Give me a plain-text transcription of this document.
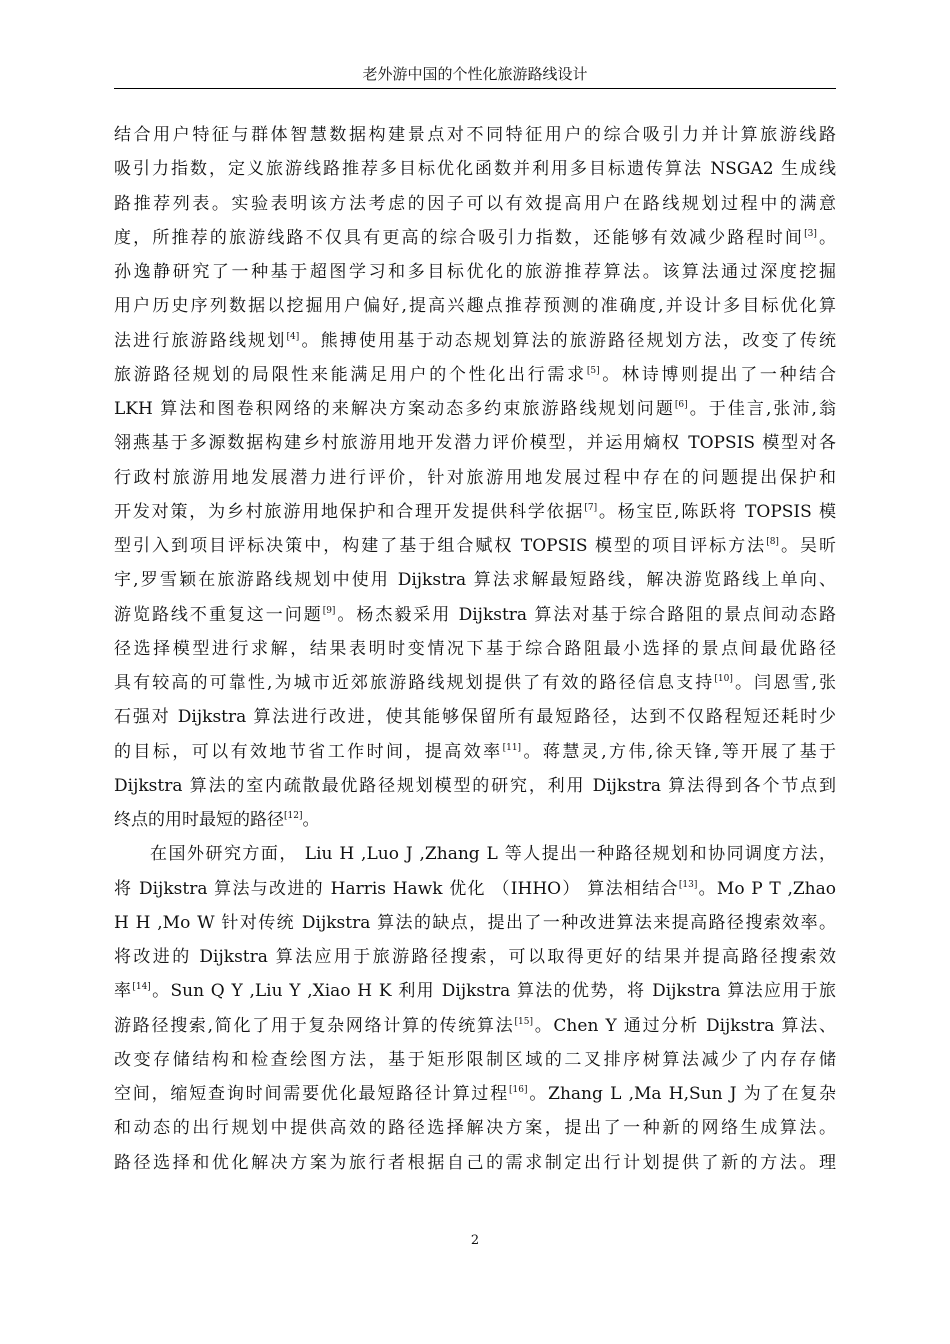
老外游中国的个性化旅游路线设计
结合用户特征与群体智慧数据构建景点对不同特征用户的综合吸引力并计算旅游线路
吸引力指数，定义旅游线路推荐多目标优化函数并利用多目标遗传算法 NSGA2 生成线
路推荐列表。实验表明该方法考虑的因子可以有效提高用户在路线规划过程中的满意
度，所推荐的旅游线路不仅具有更高的综合吸引力指数，还能够有效减少路程时间[3]。
孙逸静研究了一种基于超图学习和多目标优化的旅游推荐算法。该算法通过深度挖掘
用户历史序列数据以挖掘用户偏好,提高兴趣点推荐预测的准确度,并设计多目标优化算
法进行旅游路线规划[4]。熊搏使用基于动态规划算法的旅游路径规划方法，改变了传统
旅游路径规划的局限性来能满足用户的个性化出行需求[5]。林诗博则提出了一种结合
LKH 算法和图卷积网络的来解决方案动态多约束旅游路线规划问题[6]。于佳言,张沛,翁
翎燕基于多源数据构建乡村旅游用地开发潜力评价模型，并运用熵权 TOPSIS 模型对各
行政村旅游用地发展潜力进行评价，针对旅游用地发展过程中存在的问题提出保护和
开发对策，为乡村旅游用地保护和合理开发提供科学依据[7]。杨宝臣,陈跃将 TOPSIS 模
型引入到项目评标决策中，构建了基于组合赋权 TOPSIS 模型的项目评标方法[8]。吴昕
宇,罗雪颖在旅游路线规划中使用 Dijkstra 算法求解最短路线，解决游览路线上单向、
游览路线不重复这一问题[9]。杨杰毅采用 Dijkstra 算法对基于综合路阻的景点间动态路
径选择模型进行求解，结果表明时变情况下基于综合路阻最小选择的景点间最优路径
具有较高的可靠性,为城市近郊旅游路线规划提供了有效的路径信息支持[10]。闫恩雪,张
石强对 Dijkstra 算法进行改进，使其能够保留所有最短路径，达到不仅路程短还耗时少
的目标，可以有效地节省工作时间，提高效率[11]。蒋慧灵,方伟,徐天锋,等开展了基于
Dijkstra 算法的室内疏散最优路径规划模型的研究，利用 Dijkstra 算法得到各个节点到
终点的用时最短的路径[12]。
在国外研究方面， Liu H ,Luo J ,Zhang L 等人提出一种路径规划和协同调度方法，
将 Dijkstra 算法与改进的 Harris Hawk 优化 （IHHO） 算法相结合[13]。Mo P T ,Zhao
H H ,Mo W 针对传统 Dijkstra 算法的缺点，提出了一种改进算法来提高路径搜索效率。
将改进的 Dijkstra 算法应用于旅游路径搜索，可以取得更好的结果并提高路径搜索效
率[14]。Sun Q Y ,Liu Y ,Xiao H K 利用 Dijkstra 算法的优势，将 Dijkstra 算法应用于旅
游路径搜索,简化了用于复杂网络计算的传统算法[15]。Chen Y 通过分析 Dijkstra 算法、
改变存储结构和检查绘图方法，基于矩形限制区域的二叉排序树算法减少了内存存储
空间，缩短查询时间需要优化最短路径计算过程[16]。Zhang L ,Ma H,Sun J 为了在复杂
和动态的出行规划中提供高效的路径选择解决方案，提出了一种新的网络生成算法。
路径选择和优化解决方案为旅行者根据自己的需求制定出行计划提供了新的方法。理
2
